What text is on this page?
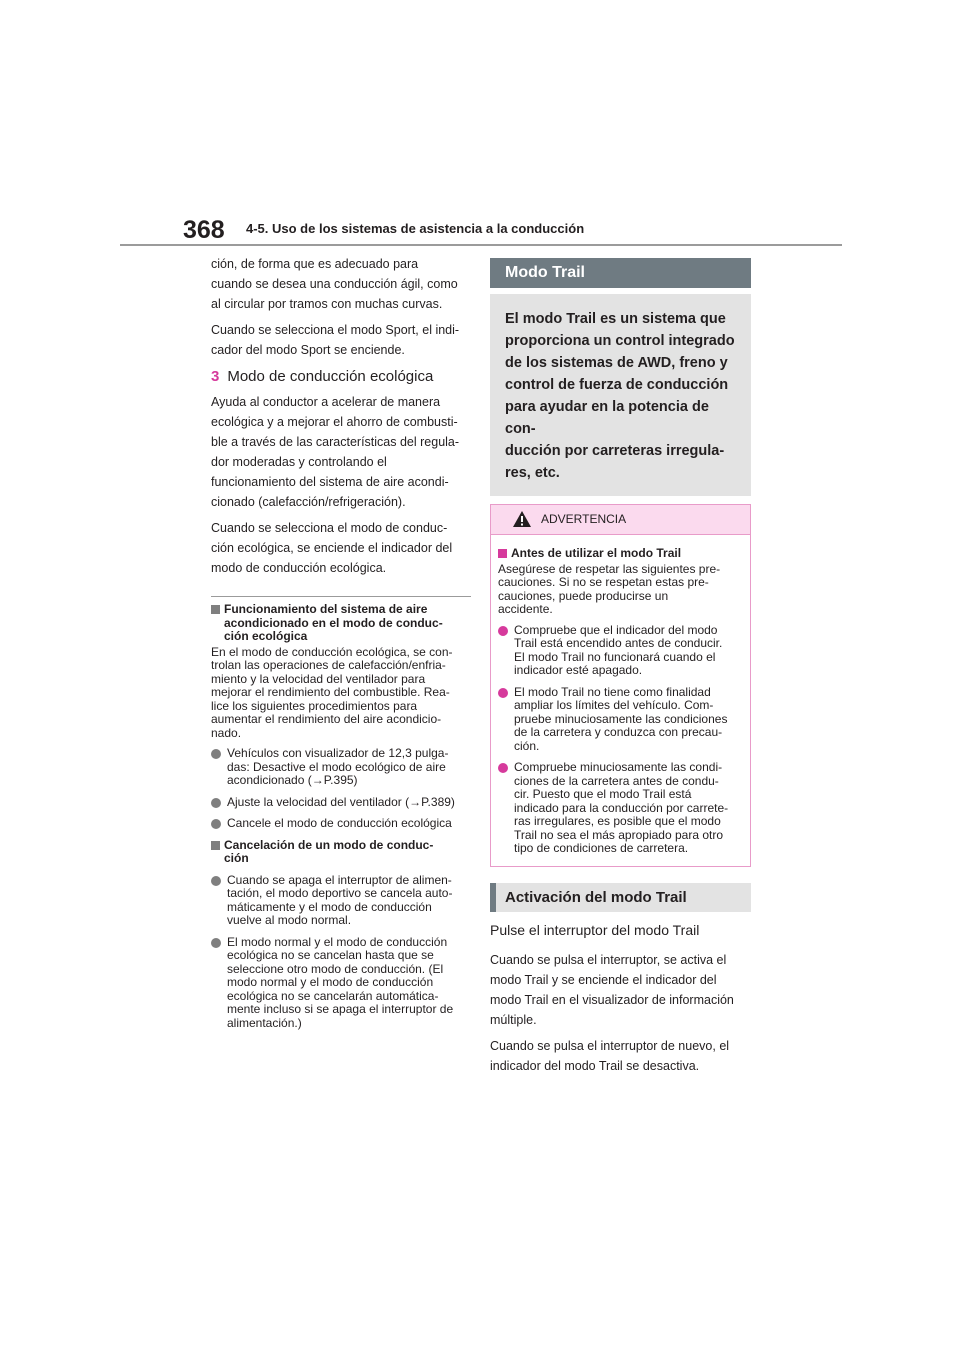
368 4-5. Uso de los sistemas de asistencia a la conducción
ción, de forma que es adecuado para
cuando se desea una conducción ágil, como
al circular por tramos con muchas curvas.
Cuando se selecciona el modo Sport, el indi-
cador del modo Sport se enciende.
3 Modo de conducción ecológica
Ayuda al conductor a acelerar de manera
ecológica y a mejorar el ahorro de combusti-
ble a través de las características del regula-
dor moderadas y controlando el
funcionamiento del sistema de aire acondi-
cionado (calefacción/refrigeración).
Cuando se selecciona el modo de conduc-
ción ecológica, se enciende el indicador del
modo de conducción ecológica.
Funcionamiento del sistema de aire
acondicionado en el modo de conduc-
ción ecológica
En el modo de conducción ecológica, se con-
trolan las operaciones de calefacción/enfria-
miento y la velocidad del ventilador para
mejorar el rendimiento del combustible. Rea-
lice los siguientes procedimientos para
aumentar el rendimiento del aire acondicio-
nado.
Vehículos con visualizador de 12,3 pulga-
das: Desactive el modo ecológico de aire
acondicionado (→P.395)
Ajuste la velocidad del ventilador (→P.389)
Cancele el modo de conducción ecológica
Cancelación de un modo de conduc-
ción
Cuando se apaga el interruptor de alimen-
tación, el modo deportivo se cancela auto-
máticamente y el modo de conducción
vuelve al modo normal.
El modo normal y el modo de conducción
ecológica no se cancelan hasta que se
seleccione otro modo de conducción. (El
modo normal y el modo de conducción
ecológica no se cancelarán automática-
mente incluso si se apaga el interruptor de
alimentación.)
Modo Trail
El modo Trail es un sistema que
proporciona un control integrado
de los sistemas de AWD, freno y
control de fuerza de conducción
para ayudar en la potencia de con-
ducción por carreteras irregula-
res, etc.
ADVERTENCIA
Antes de utilizar el modo Trail
Asegúrese de respetar las siguientes pre-
cauciones. Si no se respetan estas pre-
cauciones, puede producirse un
accidente.
Compruebe que el indicador del modo
Trail está encendido antes de conducir.
El modo Trail no funcionará cuando el
indicador esté apagado.
El modo Trail no tiene como finalidad
ampliar los límites del vehículo. Com-
pruebe minuciosamente las condiciones
de la carretera y conduzca con precau-
ción.
Compruebe minuciosamente las condi-
ciones de la carretera antes de condu-
cir. Puesto que el modo Trail está
indicado para la conducción por carrete-
ras irregulares, es posible que el modo
Trail no sea el más apropiado para otro
tipo de condiciones de carretera.
Activación del modo Trail
Pulse el interruptor del modo Trail
Cuando se pulsa el interruptor, se activa el
modo Trail y se enciende el indicador del
modo Trail en el visualizador de información
múltiple.
Cuando se pulsa el interruptor de nuevo, el
indicador del modo Trail se desactiva.
